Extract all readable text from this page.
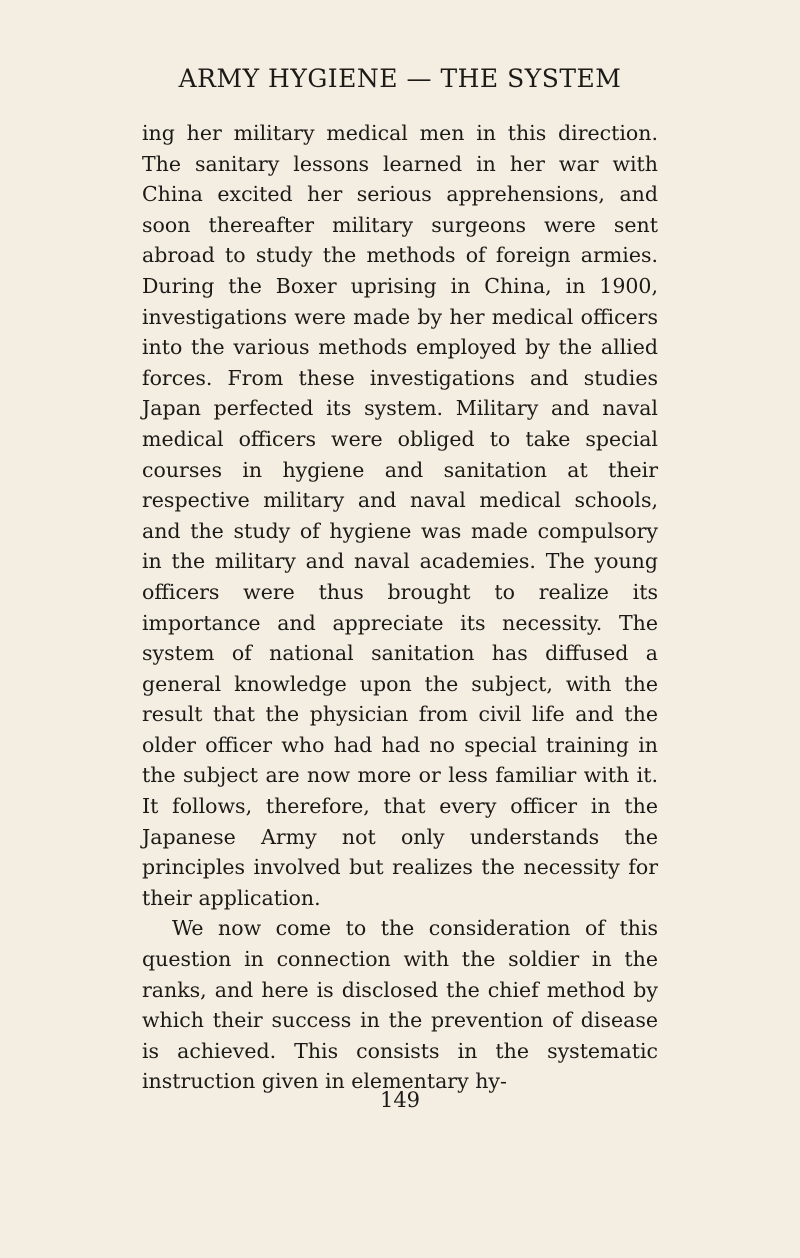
ARMY HYGIENE — THE SYSTEM

ing her military medical men in this direction. The sanitary lessons learned in her war with China excited her serious apprehensions, and soon thereafter military surgeons were sent abroad to study the methods of foreign armies. During the Boxer uprising in China, in 1900, investigations were made by her medical officers into the various methods employed by the allied forces. From these investigations and studies Japan perfected its system. Military and naval medical officers were obliged to take special courses in hygiene and sanitation at their respective military and naval medical schools, and the study of hygiene was made compulsory in the military and naval academies. The young officers were thus brought to realize its importance and appreciate its necessity. The system of national sanitation has diffused a general knowledge upon the subject, with the result that the physician from civil life and the older officer who had had no special training in the subject are now more or less familiar with it. It follows, therefore, that every officer in the Japanese Army not only understands the principles involved but realizes the necessity for their application.

We now come to the consideration of this question in connection with the soldier in the ranks, and here is disclosed the chief method by which their success in the prevention of disease is achieved. This consists in the systematic instruction given in elementary hy-

149
